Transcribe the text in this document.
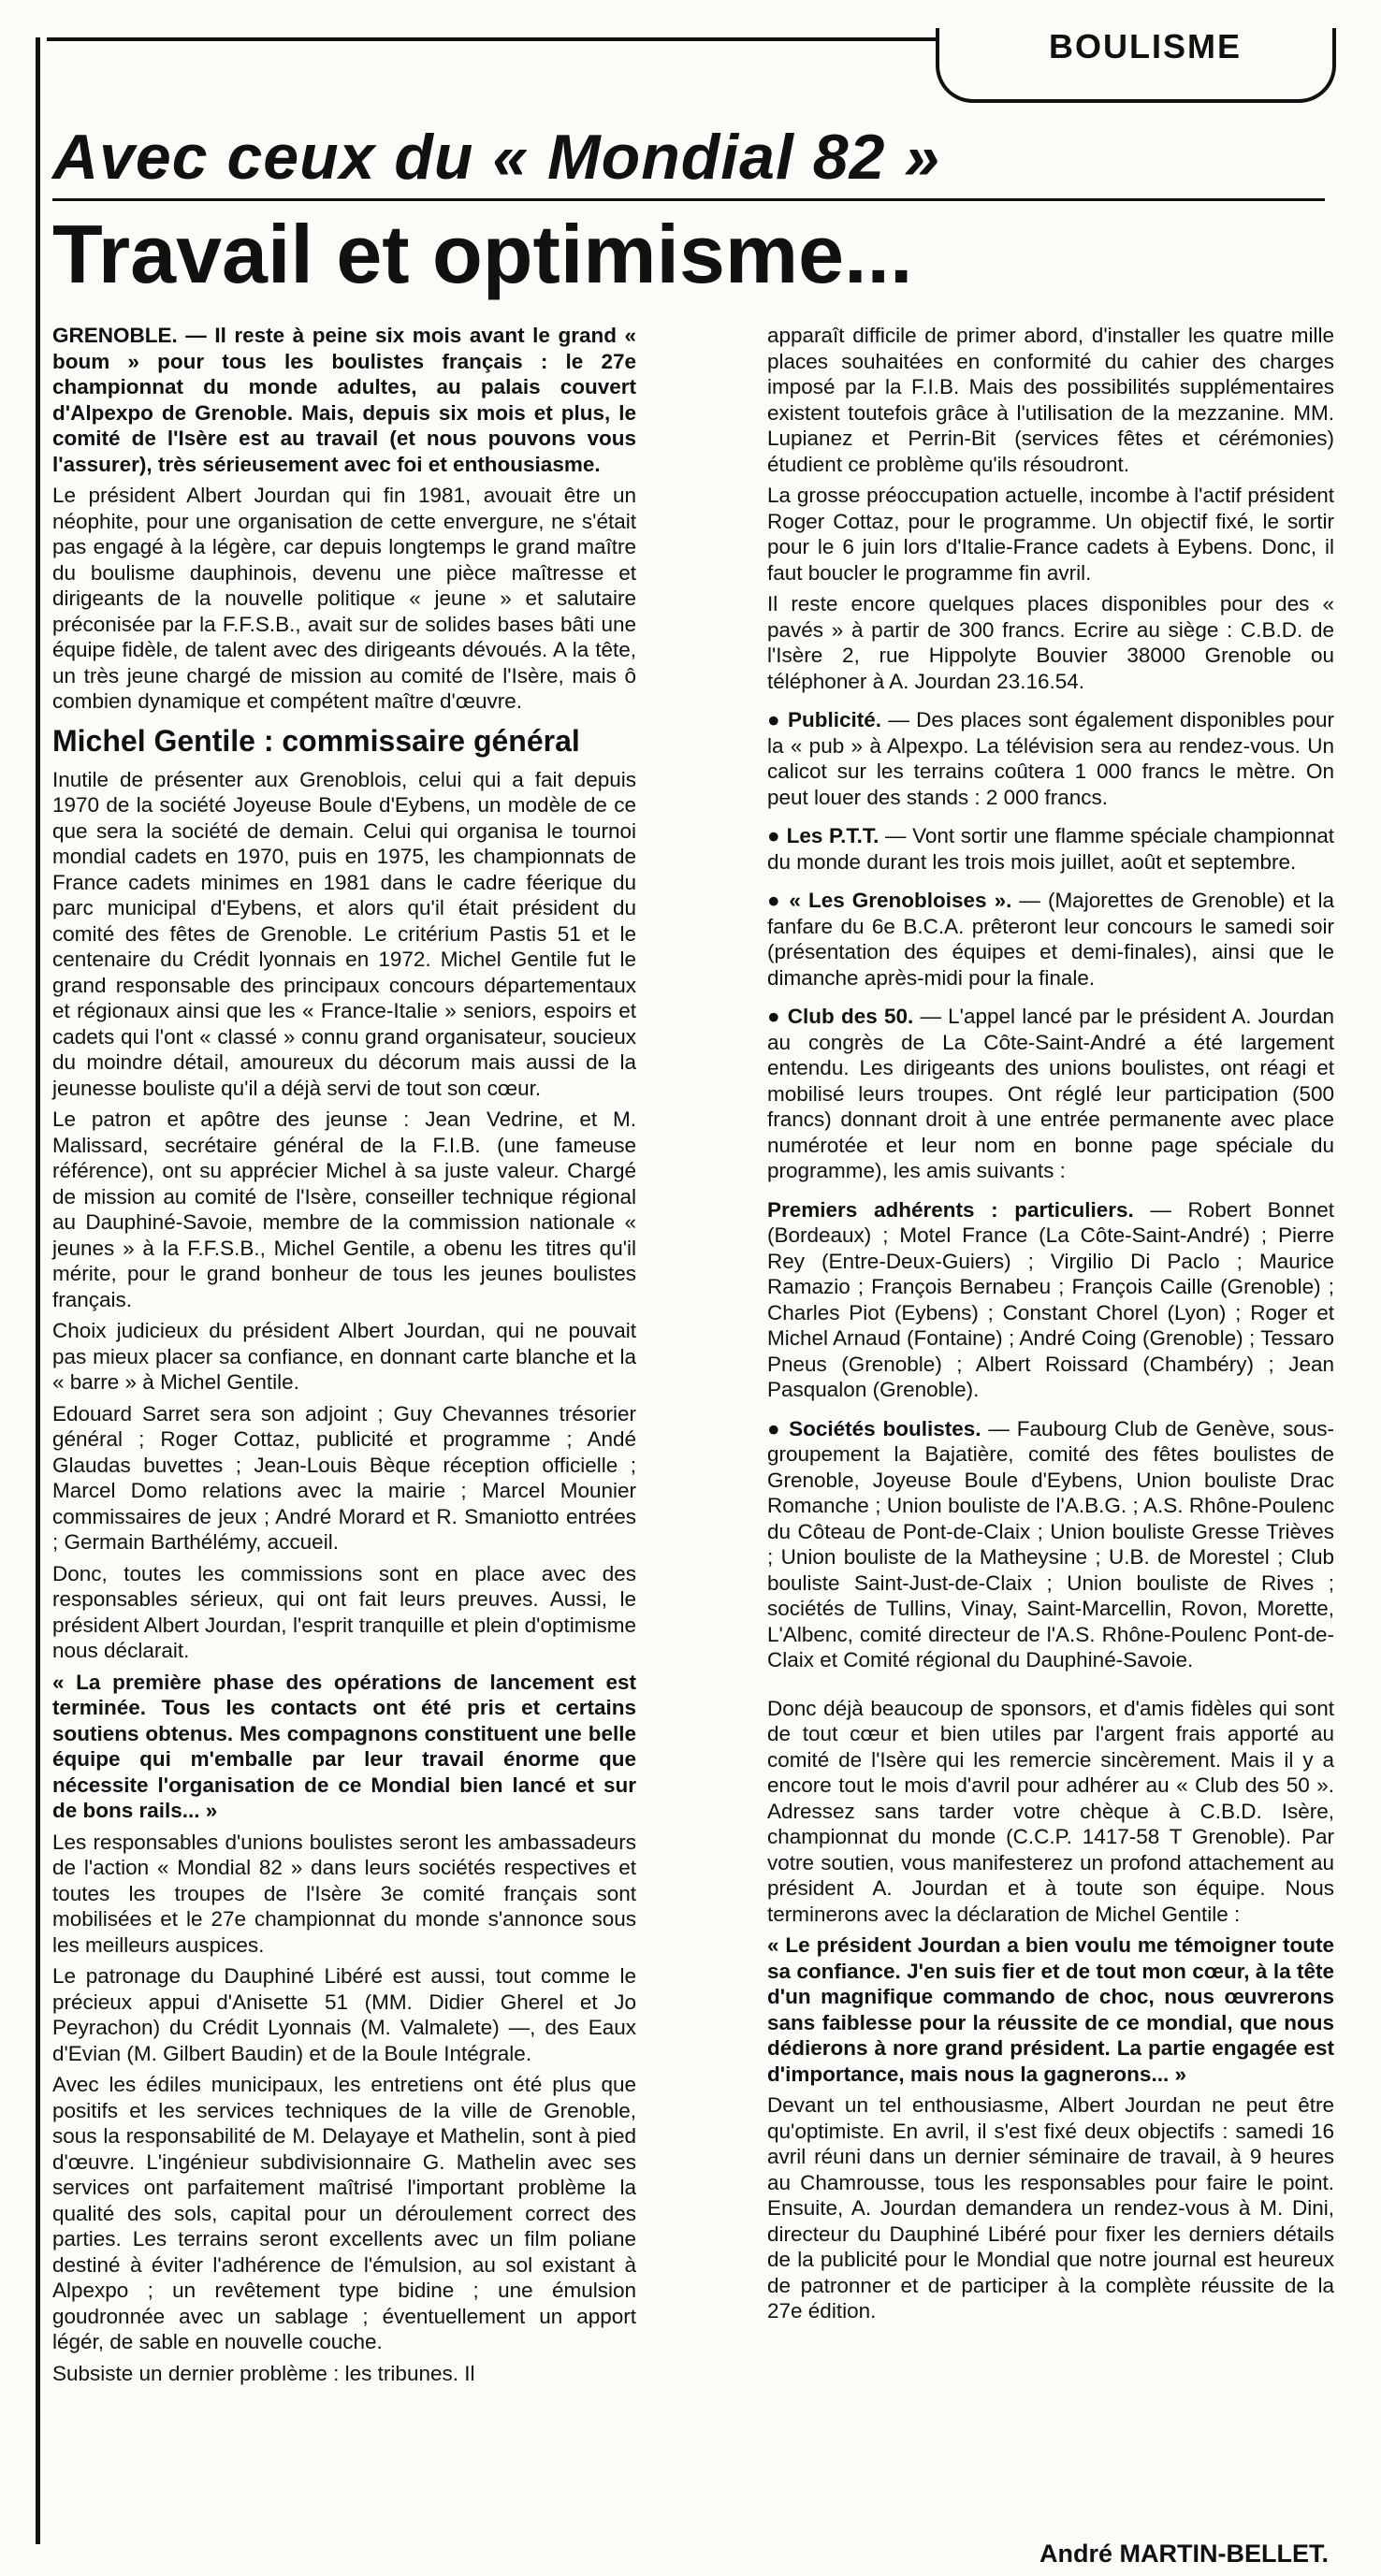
BOULISME
Avec ceux du « Mondial 82 »
Travail et optimisme...

GRENOBLE. — Il reste à peine six mois avant le grand « boum » pour tous les boulistes français : le 27e championnat du monde adultes, au palais couvert d'Alpexpo de Grenoble. Mais, depuis six mois et plus, le comité de l'Isère est au travail (et nous pouvons vous l'assurer), très sérieusement avec foi et enthousiasme.

Le président Albert Jourdan qui fin 1981, avouait être un néophite, pour une organisation de cette envergure, ne s'était pas engagé à la légère, car depuis longtemps le grand maître du boulisme dauphinois, devenu une pièce maîtresse et dirigeants de la nouvelle politique « jeune » et salutaire préconisée par la F.F.S.B., avait sur de solides bases bâti une équipe fidèle, de talent avec des dirigeants dévoués. A la tête, un très jeune chargé de mission au comité de l'Isère, mais ô combien dynamique et compétent maître d'œuvre.

Michel Gentile : commissaire général

Inutile de présenter aux Grenoblois, celui qui a fait depuis 1970 de la société Joyeuse Boule d'Eybens, un modèle de ce que sera la société de demain. Celui qui organisa le tournoi mondial cadets en 1970, puis en 1975, les championnats de France cadets minimes en 1981 dans le cadre féerique du parc municipal d'Eybens, et alors qu'il était président du comité des fêtes de Grenoble. Le critérium Pastis 51 et le centenaire du Crédit lyonnais en 1972. Michel Gentile fut le grand responsable des principaux concours départementaux et régionaux ainsi que les « France-Italie » seniors, espoirs et cadets qui l'ont « classé » connu grand organisateur, soucieux du moindre détail, amoureux du décorum mais aussi de la jeunesse bouliste qu'il a déjà servi de tout son cœur.

Le patron et apôtre des jeunse : Jean Vedrine, et M. Malissard, secrétaire général de la F.I.B. (une fameuse référence), ont su apprécier Michel à sa juste valeur. Chargé de mission au comité de l'Isère, conseiller technique régional au Dauphiné-Savoie, membre de la commission nationale « jeunes » à la F.F.S.B., Michel Gentile, a obenu les titres qu'il mérite, pour le grand bonheur de tous les jeunes boulistes français.

Choix judicieux du président Albert Jourdan, qui ne pouvait pas mieux placer sa confiance, en donnant carte blanche et la « barre » à Michel Gentile.

Edouard Sarret sera son adjoint ; Guy Chevannes trésorier général ; Roger Cottaz, publicité et programme ; Andé Glaudas buvettes ; Jean-Louis Bèque réception officielle ; Marcel Domo relations avec la mairie ; Marcel Mounier commissaires de jeux ; André Morard et R. Smaniotto entrées ; Germain Barthélémy, accueil.

Donc, toutes les commissions sont en place avec des responsables sérieux, qui ont fait leurs preuves. Aussi, le président Albert Jourdan, l'esprit tranquille et plein d'optimisme nous déclarait.

« La première phase des opérations de lancement est terminée. Tous les contacts ont été pris et certains soutiens obtenus. Mes compagnons constituent une belle équipe qui m'emballe par leur travail énorme que nécessite l'organisation de ce Mondial bien lancé et sur de bons rails... »

Les responsables d'unions boulistes seront les ambassadeurs de l'action « Mondial 82 » dans leurs sociétés respectives et toutes les troupes de l'Isère 3e comité français sont mobilisées et le 27e championnat du monde s'annonce sous les meilleurs auspices.

Le patronage du Dauphiné Libéré est aussi, tout comme le précieux appui d'Anisette 51 (MM. Didier Gherel et Jo Peyrachon) du Crédit Lyonnais (M. Valmalete) —, des Eaux d'Evian (M. Gilbert Baudin) et de la Boule Intégrale.

Avec les édiles municipaux, les entretiens ont été plus que positifs et les services techniques de la ville de Grenoble, sous la responsabilité de M. Delayaye et Mathelin, sont à pied d'œuvre. L'ingénieur subdivisionnaire G. Mathelin avec ses services ont parfaitement maîtrisé l'important problème la qualité des sols, capital pour un déroulement correct des parties. Les terrains seront excellents avec un film poliane destiné à éviter l'adhérence de l'émulsion, au sol existant à Alpexpo ; un revêtement type bidine ; une émulsion goudronnée avec un sablage ; éventuellement un apport légér, de sable en nouvelle couche.

Subsiste un dernier problème : les tribunes. Il

apparaît difficile de primer abord, d'installer les quatre mille places souhaitées en conformité du cahier des charges imposé par la F.I.B. Mais des possibilités supplémentaires existent toutefois grâce à l'utilisation de la mezzanine. MM. Lupianez et Perrin-Bit (services fêtes et cérémonies) étudient ce problème qu'ils résoudront.

La grosse préoccupation actuelle, incombe à l'actif président Roger Cottaz, pour le programme. Un objectif fixé, le sortir pour le 6 juin lors d'Italie-France cadets à Eybens. Donc, il faut boucler le programme fin avril.

Il reste encore quelques places disponibles pour des « pavés » à partir de 300 francs. Ecrire au siège : C.B.D. de l'Isère 2, rue Hippolyte Bouvier 38000 Grenoble ou téléphoner à A. Jourdan 23.16.54.

● Publicité. — Des places sont également disponibles pour la « pub » à Alpexpo. La télévision sera au rendez-vous. Un calicot sur les terrains coûtera 1 000 francs le mètre. On peut louer des stands : 2 000 francs.

● Les P.T.T. — Vont sortir une flamme spéciale championnat du monde durant les trois mois juillet, août et septembre.

● « Les Grenobloises ». — (Majorettes de Grenoble) et la fanfare du 6e B.C.A. prêteront leur concours le samedi soir (présentation des équipes et demi-finales), ainsi que le dimanche après-midi pour la finale.

● Club des 50. — L'appel lancé par le président A. Jourdan au congrès de La Côte-Saint-André a été largement entendu. Les dirigeants des unions boulistes, ont réagi et mobilisé leurs troupes. Ont réglé leur participation (500 francs) donnant droit à une entrée permanente avec place numérotée et leur nom en bonne page spéciale du programme), les amis suivants :

Premiers adhérents : particuliers. — Robert Bonnet (Bordeaux) ; Motel France (La Côte-Saint-André) ; Pierre Rey (Entre-Deux-Guiers) ; Virgilio Di Paclo ; Maurice Ramazio ; François Bernabeu ; François Caille (Grenoble) ; Charles Piot (Eybens) ; Constant Chorel (Lyon) ; Roger et Michel Arnaud (Fontaine) ; André Coing (Grenoble) ; Tessaro Pneus (Grenoble) ; Albert Roissard (Chambéry) ; Jean Pasqualon (Grenoble).

● Sociétés boulistes. — Faubourg Club de Genève, sous-groupement la Bajatière, comité des fêtes boulistes de Grenoble, Joyeuse Boule d'Eybens, Union bouliste Drac Romanche ; Union bouliste de l'A.B.G. ; A.S. Rhône-Poulenc du Côteau de Pont-de-Claix ; Union bouliste Gresse Trièves ; Union bouliste de la Matheysine ; U.B. de Morestel ; Club bouliste Saint-Just-de-Claix ; Union bouliste de Rives ; sociétés de Tullins, Vinay, Saint-Marcellin, Rovon, Morette, L'Albenc, comité directeur de l'A.S. Rhône-Poulenc Pont-de-Claix et Comité régional du Dauphiné-Savoie.

Donc déjà beaucoup de sponsors, et d'amis fidèles qui sont de tout cœur et bien utiles par l'argent frais apporté au comité de l'Isère qui les remercie sincèrement. Mais il y a encore tout le mois d'avril pour adhérer au « Club des 50 ». Adressez sans tarder votre chèque à C.B.D. Isère, championnat du monde (C.C.P. 1417-58 T Grenoble). Par votre soutien, vous manifesterez un profond attachement au président A. Jourdan et à toute son équipe. Nous terminerons avec la déclaration de Michel Gentile :

« Le président Jourdan a bien voulu me témoigner toute sa confiance. J'en suis fier et de tout mon cœur, à la tête d'un magnifique commando de choc, nous œuvrerons sans faiblesse pour la réussite de ce mondial, que nous dédierons à nore grand président. La partie engagée est d'importance, mais nous la gagnerons... »

Devant un tel enthousiasme, Albert Jourdan ne peut être qu'optimiste. En avril, il s'est fixé deux objectifs : samedi 16 avril réuni dans un dernier séminaire de travail, à 9 heures au Chamrousse, tous les responsables pour faire le point. Ensuite, A. Jourdan demandera un rendez-vous à M. Dini, directeur du Dauphiné Libéré pour fixer les derniers détails de la publicité pour le Mondial que notre journal est heureux de patronner et de participer à la complète réussite de la 27e édition.

André MARTIN-BELLET.
